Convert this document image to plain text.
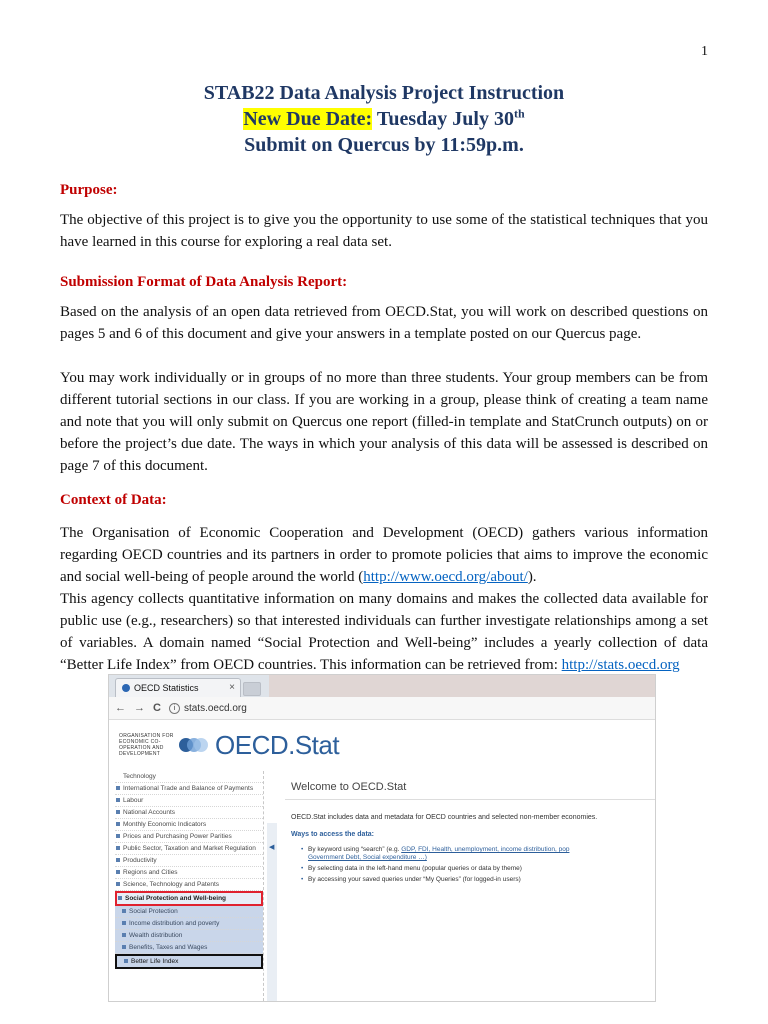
1
STAB22 Data Analysis Project Instruction
New Due Date: Tuesday July 30th
Submit on Quercus by 11:59p.m.
Purpose:

The objective of this project is to give you the opportunity to use some of the statistical techniques that you have learned in this course for exploring a real data set.

Submission Format of Data Analysis Report:

Based on the analysis of an open data retrieved from OECD.Stat, you will work on described questions on pages 5 and 6 of this document and give your answers in a template posted on our Quercus page.

You may work individually or in groups of no more than three students. Your group members can be from different tutorial sections in our class. If you are working in a group, please think of creating a team name and note that you will only submit on Quercus one report (filled-in template and StatCrunch outputs) on or before the project’s due date. The ways in which your analysis of this data will be assessed is described on page 7 of this document.

Context of Data:

The Organisation of Economic Cooperation and Development (OECD) gathers various information regarding OECD countries and its partners in order to promote policies that aims to improve the economic and social well-being of people around the world (http://www.oecd.org/about/).

This agency collects quantitative information on many domains and makes the collected data available for public use (e.g., researchers) so that interested individuals can further investigate relationships among a set of variables. A domain named “Social Protection and Well-being” includes a yearly collection of data “Better Life Index” from OECD countries. This information can be retrieved from: http://stats.oecd.org

OECD Statistics	×
← → C	i stats.oecd.org
ORGANISATION FOR ECONOMIC CO-OPERATION AND DEVELOPMENT	OECD.Stat
Technology
International Trade and Balance of Payments
Labour
National Accounts
Monthly Economic Indicators
Prices and Purchasing Power Parities
Public Sector, Taxation and Market Regulation
Productivity
Regions and Cities
Science, Technology and Patents
Social Protection and Well-being
Social Protection
Income distribution and poverty
Wealth distribution
Benefits, Taxes and Wages
Better Life Index
◀
Welcome to OECD.Stat
OECD.Stat includes data and metadata for OECD countries and selected non-member economies.
Ways to access the data:
• By keyword using “search” (e.g. GDP, FDI, Health, unemployment, income distribution, pop
Government Debt, Social expenditure …)
• By selecting data in the left-hand menu (popular queries or data by theme)
• By accessing your saved queries under “My Queries” (for logged-in users)
